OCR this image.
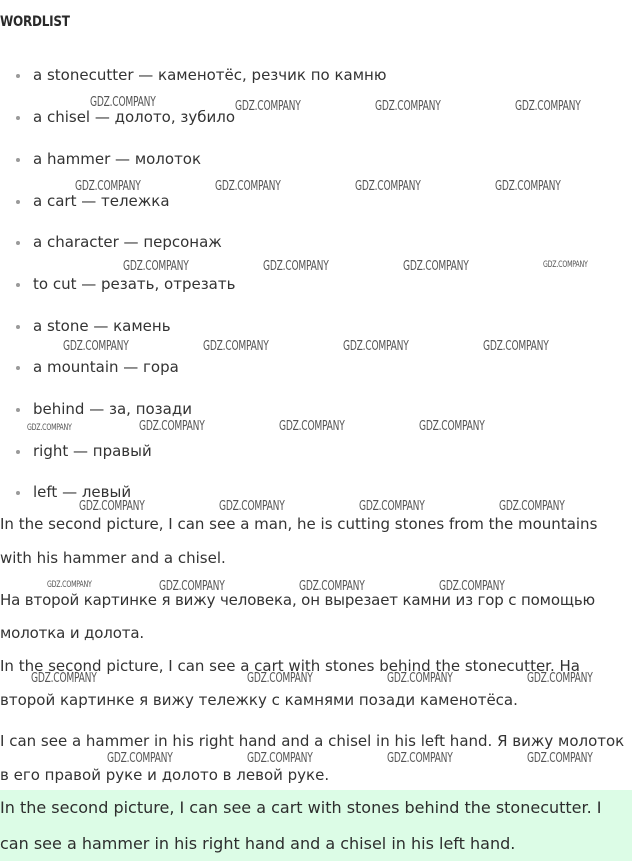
WORDLIST
a stonecutter — каменотёс, резчик по камню
a chisel — долото, зубило
a hammer — молоток
a cart — тележка
a character — персонаж
to cut — резать, отрезать
a stone — камень
a mountain — гора
behind — за, позади
right — правый
left — левый

In the second picture, I can see a man, he is cutting stones from the mountains with his hammer and a chisel.

На второй картинке я вижу человека, он вырезает камни из гор с помощью молотка и долота.

In the second picture, I can see a cart with stones behind the stonecutter. На второй картинке я вижу тележку с камнями позади каменотёса.

I can see a hammer in his right hand and a chisel in his left hand. Я вижу молоток в его правой руке и долото в левой руке.

In the second picture, I can see a cart with stones behind the stonecutter. I can see a hammer in his right hand and a chisel in his left hand.

GDZ.COMPANY	GDZ.COMPANY	GDZ.COMPANY	GDZ.COMPANY
GDZ.COMPANY	GDZ.COMPANY	GDZ.COMPANY	GDZ.COMPANY
GDZ.COMPANY	GDZ.COMPANY	GDZ.COMPANY	GDZ.COMPANY
GDZ.COMPANY	GDZ.COMPANY	GDZ.COMPANY	GDZ.COMPANY
GDZ.COMPANY	GDZ.COMPANY	GDZ.COMPANY	GDZ.COMPANY
GDZ.COMPANY	GDZ.COMPANY	GDZ.COMPANY	GDZ.COMPANY
GDZ.COMPANY	GDZ.COMPANY	GDZ.COMPANY	GDZ.COMPANY
GDZ.COMPANY	GDZ.COMPANY	GDZ.COMPANY	GDZ.COMPANY
GDZ.COMPANY	GDZ.COMPANY	GDZ.COMPANY	GDZ.COMPANY
